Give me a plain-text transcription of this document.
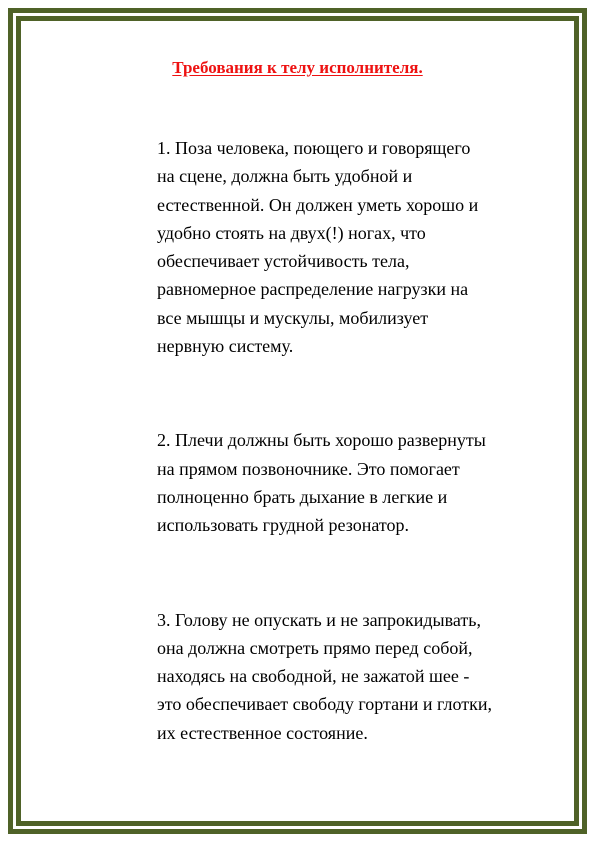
Требования к телу исполнителя.

1. Поза человека, поющего и говорящего на сцене, должна быть удобной и естественной. Он должен уметь хорошо и удобно стоять на двух(!) ногах, что обеспечивает устойчивость тела, равномерное распределение нагрузки на все мышцы и мускулы, мобилизует нервную систему.

2. Плечи должны быть хорошо развернуты на прямом позвоночнике. Это помогает полноценно брать дыхание в легкие и использовать грудной резонатор.

3. Голову не опускать и не запрокидывать, она должна смотреть прямо перед собой, находясь на свободной, не зажатой шее - это обеспечивает свободу гортани и глотки, их естественное состояние.
